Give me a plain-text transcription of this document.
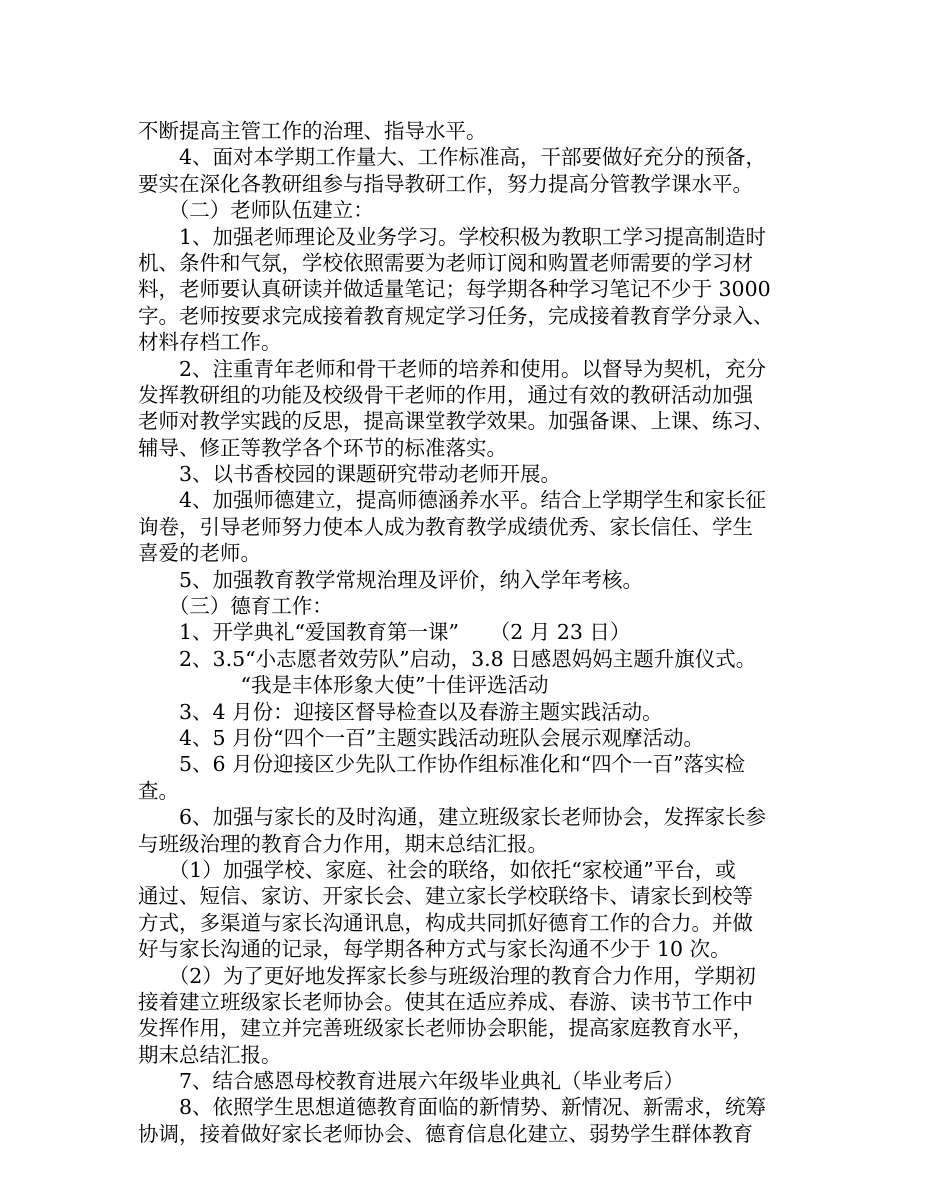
不断提高主管工作的治理、指导水平。
　　4、面对本学期工作量大、工作标准高，干部要做好充分的预备，
要实在深化各教研组参与指导教研工作，努力提高分管教学课水平。
　　（二）老师队伍建立：
　　1、加强老师理论及业务学习。学校积极为教职工学习提高制造时
机、条件和气氛，学校依照需要为老师订阅和购置老师需要的学习材
料，老师要认真研读并做适量笔记；每学期各种学习笔记不少于 3000
字。老师按要求完成接着教育规定学习任务，完成接着教育学分录入、
材料存档工作。
　　2、注重青年老师和骨干老师的培养和使用。以督导为契机，充分
发挥教研组的功能及校级骨干老师的作用，通过有效的教研活动加强
老师对教学实践的反思，提高课堂教学效果。加强备课、上课、练习、
辅导、修正等教学各个环节的标准落实。
　　3、以书香校园的课题研究带动老师开展。
　　4、加强师德建立，提高师德涵养水平。结合上学期学生和家长征
询卷，引导老师努力使本人成为教育教学成绩优秀、家长信任、学生
喜爱的老师。
　　5、加强教育教学常规治理及评价，纳入学年考核。
　　（三）德育工作：
　　1、开学典礼“爱国教育第一课”　　（2 月 23 日）
　　2、3.5“小志愿者效劳队”启动，3.8 日感恩妈妈主题升旗仪式。
　　　　　“我是丰体形象大使”十佳评选活动
　　3、4 月份：迎接区督导检查以及春游主题实践活动。
　　4、5 月份“四个一百”主题实践活动班队会展示观摩活动。
　　5、6 月份迎接区少先队工作协作组标准化和“四个一百”落实检
查。
　　6、加强与家长的及时沟通，建立班级家长老师协会，发挥家长参
与班级治理的教育合力作用，期末总结汇报。
　　（1）加强学校、家庭、社会的联络，如依托“家校通”平台，或
通过、短信、家访、开家长会、建立家长学校联络卡、请家长到校等
方式，多渠道与家长沟通讯息，构成共同抓好德育工作的合力。并做
好与家长沟通的记录，每学期各种方式与家长沟通不少于 10 次。
　　（2）为了更好地发挥家长参与班级治理的教育合力作用，学期初
接着建立班级家长老师协会。使其在适应养成、春游、读书节工作中
发挥作用，建立并完善班级家长老师协会职能，提高家庭教育水平，
期末总结汇报。
　　7、结合感恩母校教育进展六年级毕业典礼（毕业考后）
　　8、依照学生思想道德教育面临的新情势、新情况、新需求，统筹
协调，接着做好家长老师协会、德育信息化建立、弱势学生群体教育
